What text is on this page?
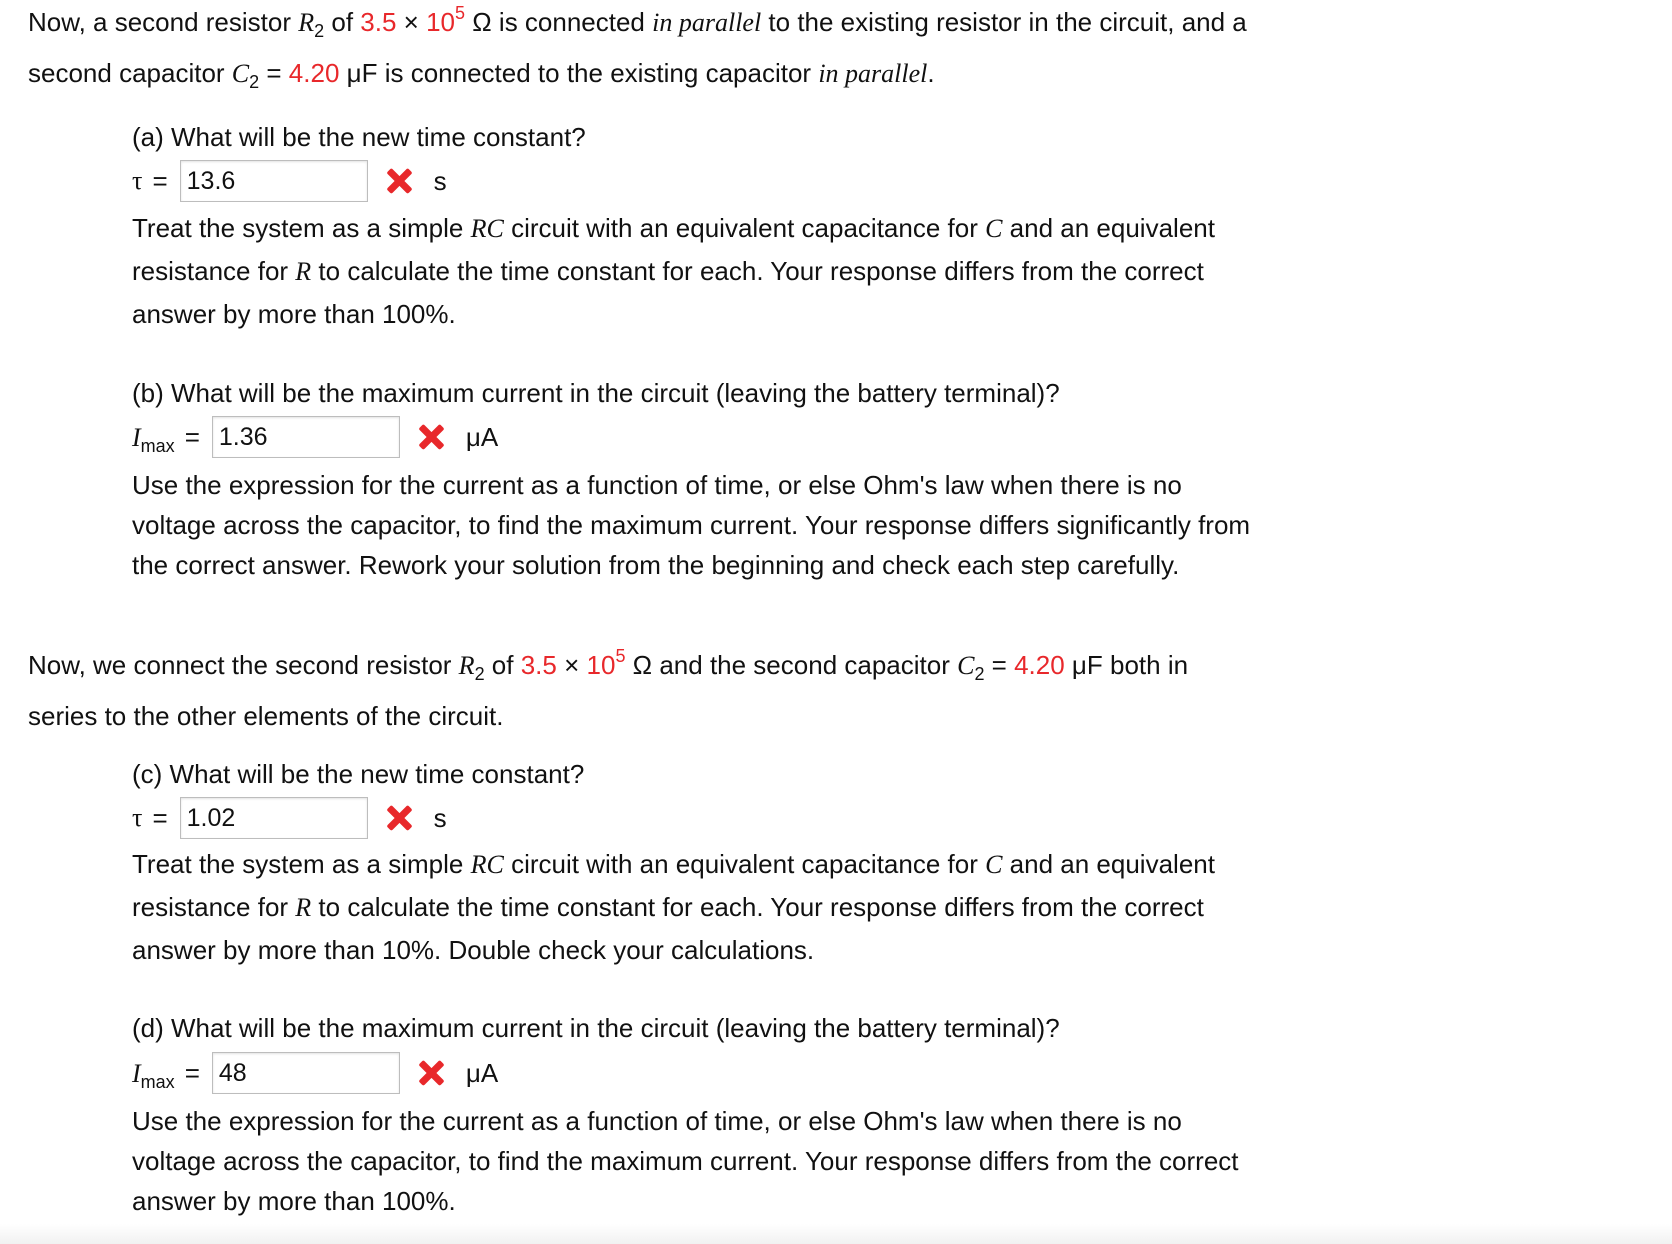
Now, a second resistor $R_2$ of $3.5 \times 10^5$ Ω is connected in parallel to the existing resistor in the circuit, and a
second capacitor $C_2 = 4.20$ μF is connected to the existing capacitor in parallel.
(a) What will be the new time constant?
τ = 13.6	s
Treat the system as a simple RC circuit with an equivalent capacitance for C and an equivalent
resistance for R to calculate the time constant for each. Your response differs from the correct
answer by more than 100%.
(b) What will be the maximum current in the circuit (leaving the battery terminal)?
$I_{max} = 1.36$	μA
Use the expression for the current as a function of time, or else Ohm's law when there is no
voltage across the capacitor, to find the maximum current. Your response differs significantly from
the correct answer. Rework your solution from the beginning and check each step carefully.
Now, we connect the second resistor $R_2$ of $3.5 \times 10^5$ Ω and the second capacitor $C_2 = 4.20$ μF both in
series to the other elements of the circuit.
(c) What will be the new time constant?
τ = 1.02	s
Treat the system as a simple RC circuit with an equivalent capacitance for C and an equivalent
resistance for R to calculate the time constant for each. Your response differs from the correct
answer by more than 10%. Double check your calculations.
(d) What will be the maximum current in the circuit (leaving the battery terminal)?
$I_{max} = 48$	μA
Use the expression for the current as a function of time, or else Ohm's law when there is no
voltage across the capacitor, to find the maximum current. Your response differs from the correct
answer by more than 100%.
